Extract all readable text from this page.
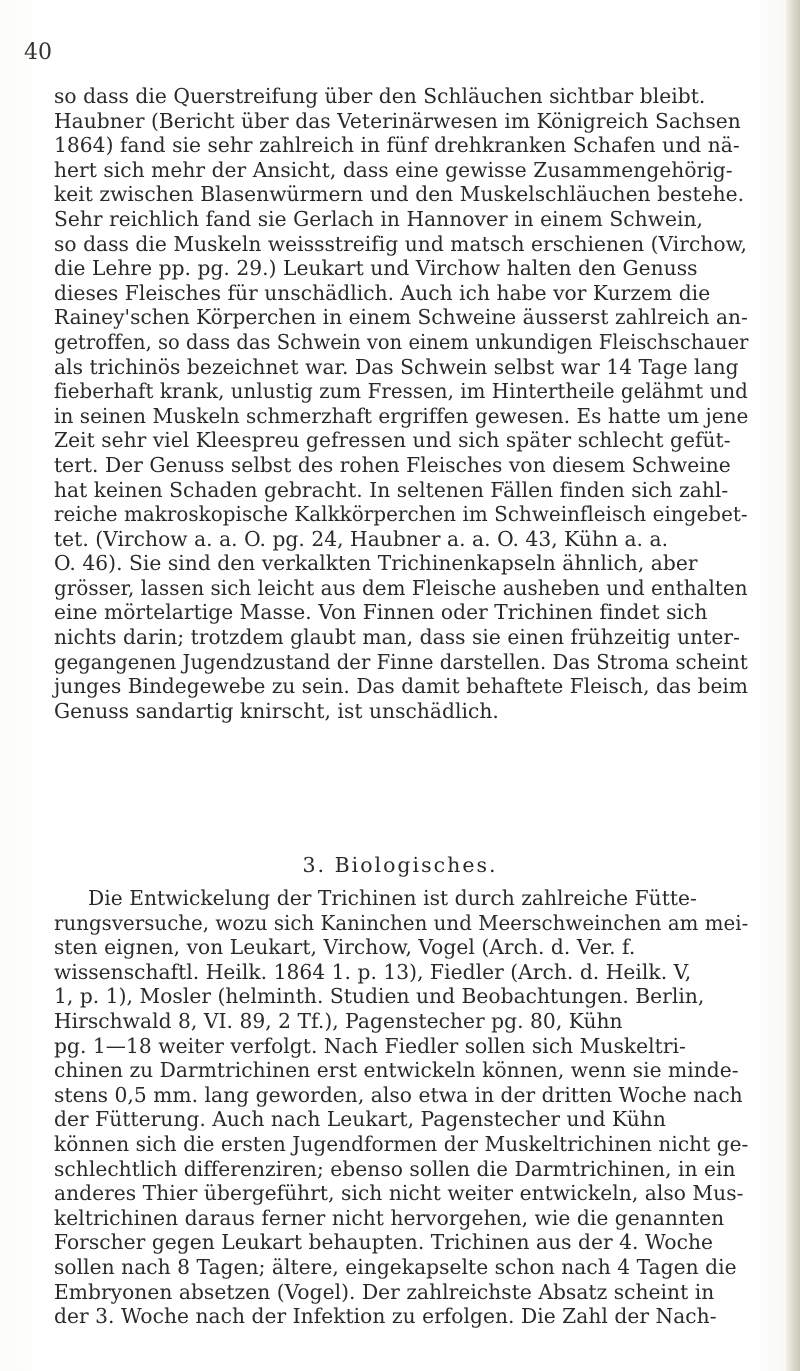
40
so dass die Querstreifung über den Schläuchen sichtbar bleibt.
Haubner (Bericht über das Veterinärwesen im Königreich Sachsen
1864) fand sie sehr zahlreich in fünf drehkranken Schafen und nä-
hert sich mehr der Ansicht, dass eine gewisse Zusammengehörig-
keit zwischen Blasenwürmern und den Muskelschläuchen bestehe.
Sehr reichlich fand sie Gerlach in Hannover in einem Schwein,
so dass die Muskeln weissstreifig und matsch erschienen (Virchow,
die Lehre pp. pg. 29.) Leukart und Virchow halten den Genuss
dieses Fleisches für unschädlich. Auch ich habe vor Kurzem die
Rainey'schen Körperchen in einem Schweine äusserst zahlreich an-
getroffen, so dass das Schwein von einem unkundigen Fleischschauer
als trichinös bezeichnet war. Das Schwein selbst war 14 Tage lang
fieberhaft krank, unlustig zum Fressen, im Hintertheile gelähmt und
in seinen Muskeln schmerzhaft ergriffen gewesen. Es hatte um jene
Zeit sehr viel Kleespreu gefressen und sich später schlecht gefüt-
tert. Der Genuss selbst des rohen Fleisches von diesem Schweine
hat keinen Schaden gebracht. In seltenen Fällen finden sich zahl-
reiche makroskopische Kalkkörperchen im Schweinfleisch eingebet-
tet. (Virchow a. a. O. pg. 24, Haubner a. a. O. 43, Kühn a. a.
O. 46). Sie sind den verkalkten Trichinenkapseln ähnlich, aber
grösser, lassen sich leicht aus dem Fleische ausheben und enthalten
eine mörtelartige Masse. Von Finnen oder Trichinen findet sich
nichts darin; trotzdem glaubt man, dass sie einen frühzeitig unter-
gegangenen Jugendzustand der Finne darstellen. Das Stroma scheint
junges Bindegewebe zu sein. Das damit behaftete Fleisch, das beim
Genuss sandartig knirscht, ist unschädlich.
3. Biologisches.
Die Entwickelung der Trichinen ist durch zahlreiche Fütte-
rungsversuche, wozu sich Kaninchen und Meerschweinchen am mei-
sten eignen, von Leukart, Virchow, Vogel (Arch. d. Ver. f.
wissenschaftl. Heilk. 1864 1. p. 13), Fiedler (Arch. d. Heilk. V,
1, p. 1), Mosler (helminth. Studien und Beobachtungen. Berlin,
Hirschwald 8, VI. 89, 2 Tf.), Pagenstecher pg. 80, Kühn
pg. 1—18 weiter verfolgt. Nach Fiedler sollen sich Muskeltri-
chinen zu Darmtrichinen erst entwickeln können, wenn sie minde-
stens 0,5 mm. lang geworden, also etwa in der dritten Woche nach
der Fütterung. Auch nach Leukart, Pagenstecher und Kühn
können sich die ersten Jugendformen der Muskeltrichinen nicht ge-
schlechtlich differenziren; ebenso sollen die Darmtrichinen, in ein
anderes Thier übergeführt, sich nicht weiter entwickeln, also Mus-
keltrichinen daraus ferner nicht hervorgehen, wie die genannten
Forscher gegen Leukart behaupten. Trichinen aus der 4. Woche
sollen nach 8 Tagen; ältere, eingekapselte schon nach 4 Tagen die
Embryonen absetzen (Vogel). Der zahlreichste Absatz scheint in
der 3. Woche nach der Infektion zu erfolgen. Die Zahl der Nach-
